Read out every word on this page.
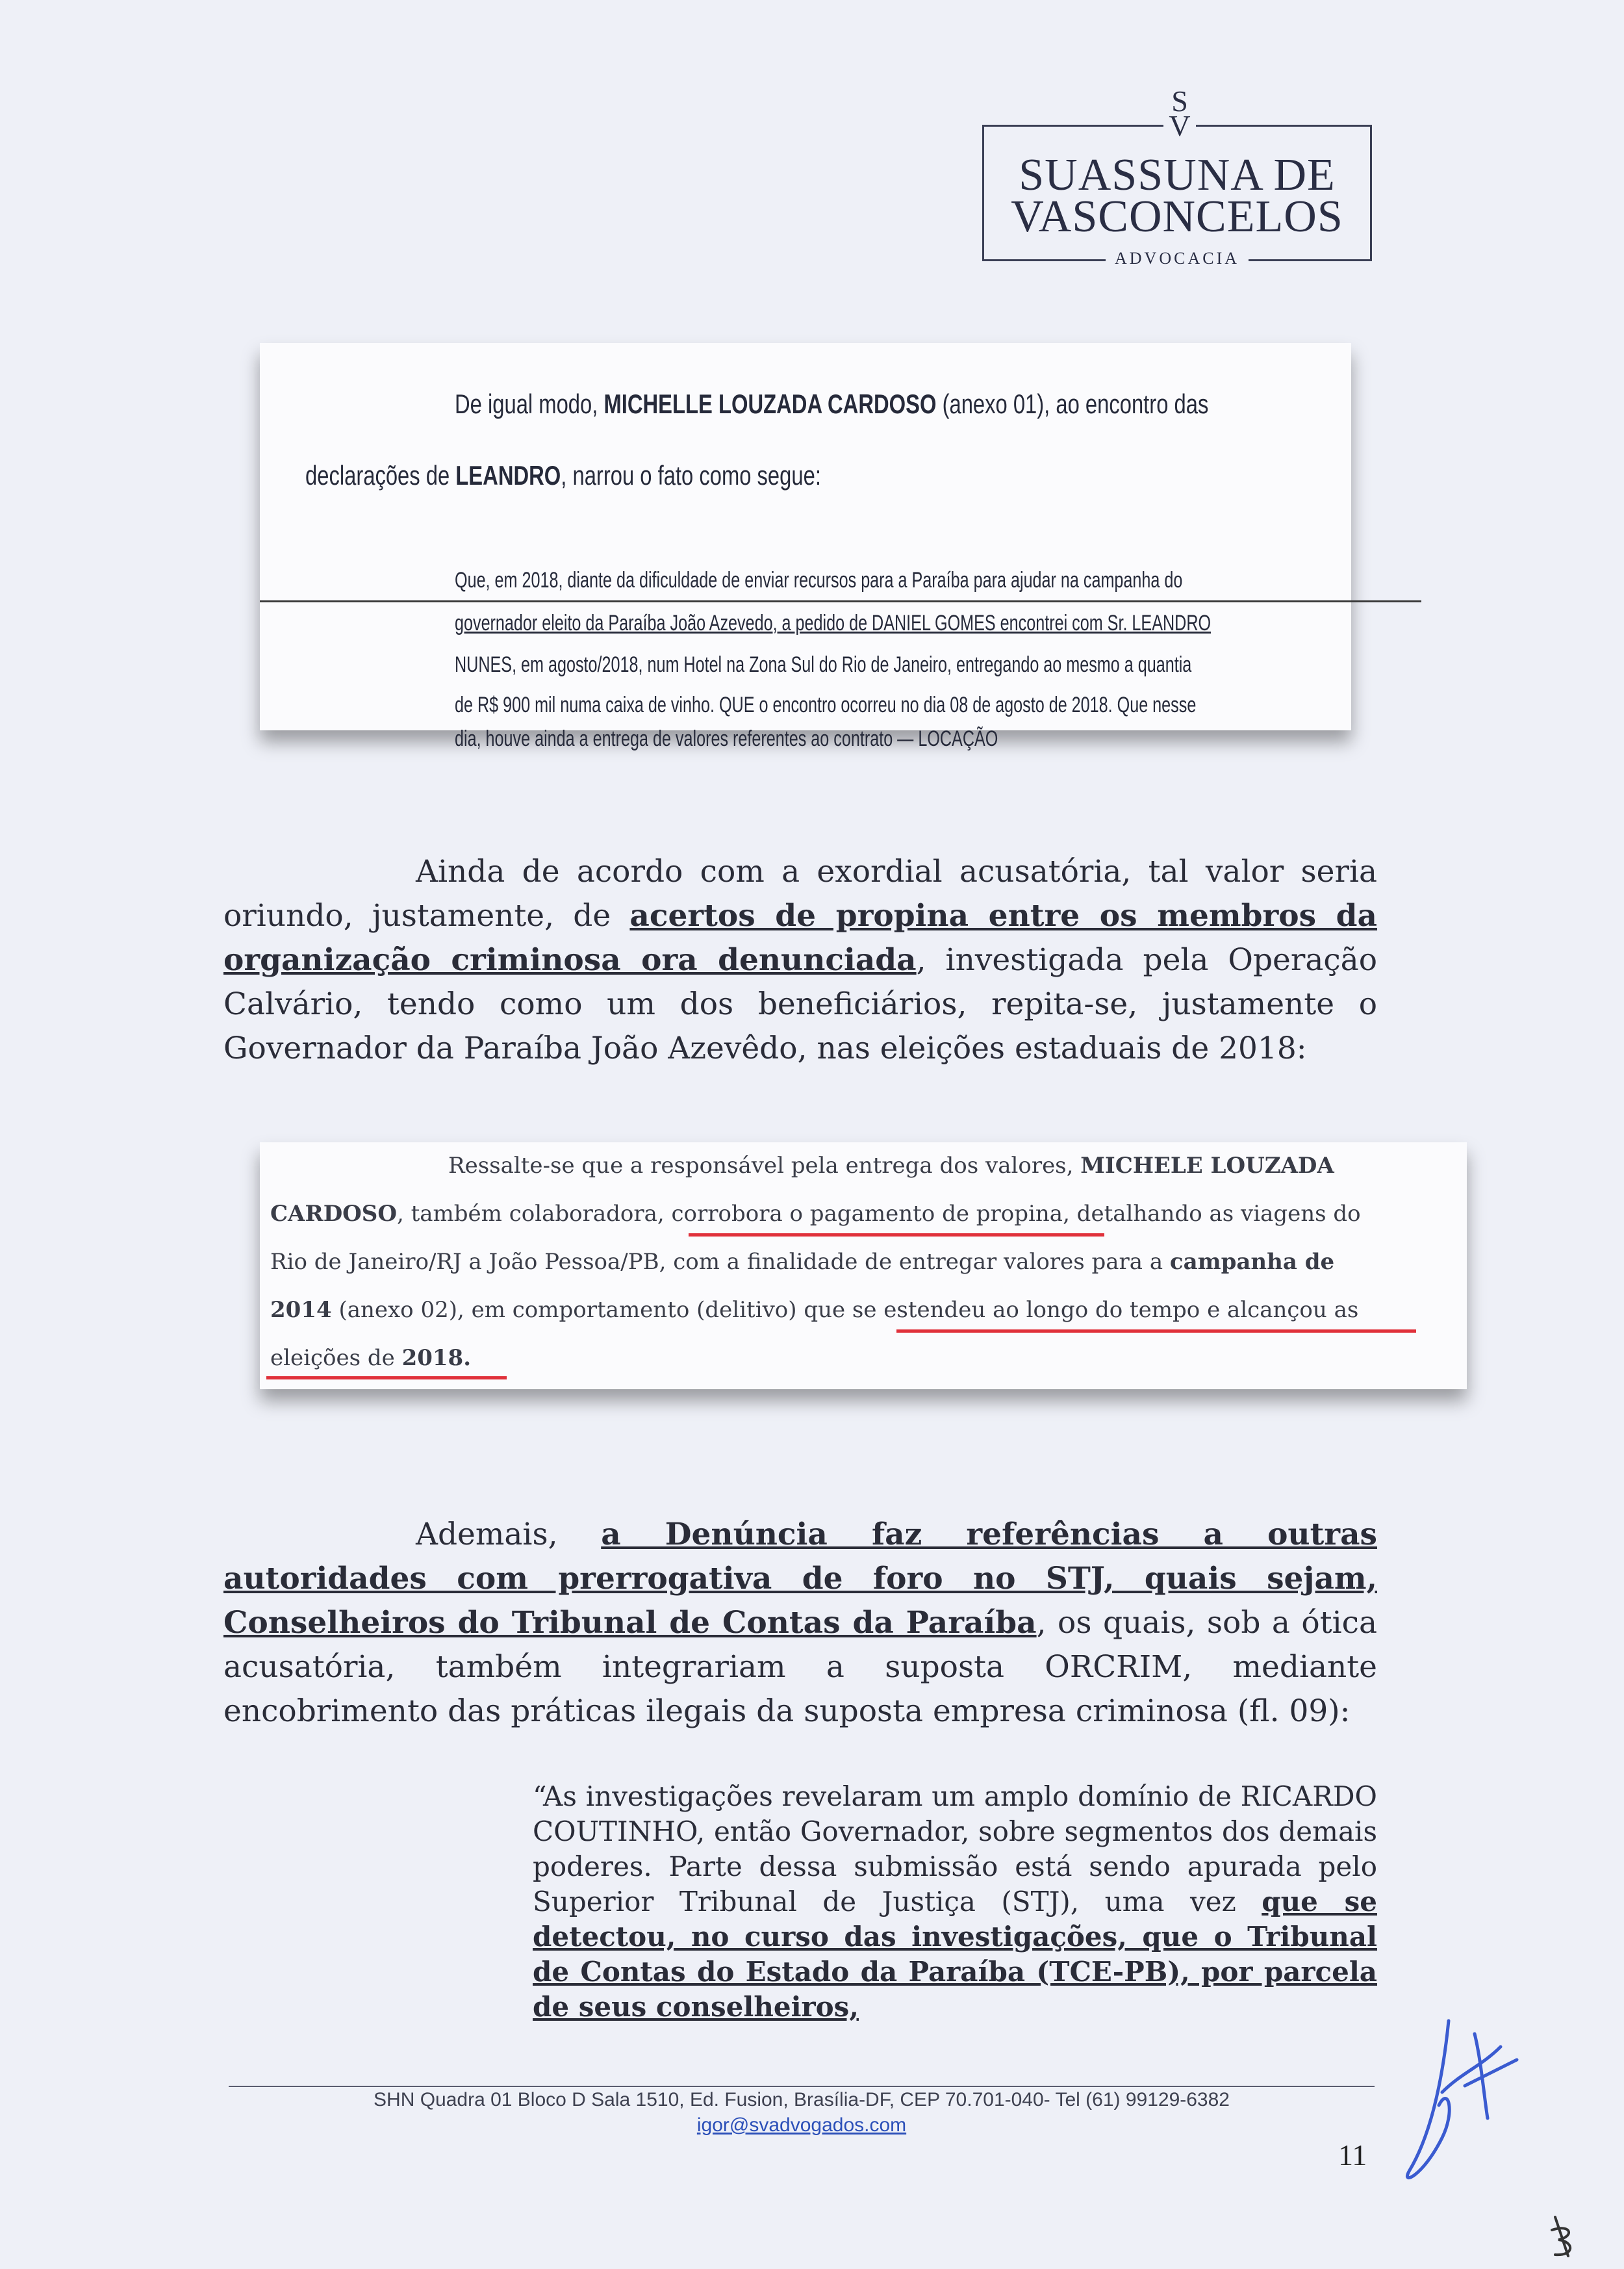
S V
SUASSUNA DE
VASCONCELOS
ADVOCACIA
De igual modo, MICHELLE LOUZADA CARDOSO (anexo 01), ao encontro das
declarações de LEANDRO, narrou o fato como segue:
Que, em 2018, diante da dificuldade de enviar recursos para a Paraíba para ajudar na campanha do
governador eleito da Paraíba João Azevedo, a pedido de DANIEL GOMES encontrei com Sr. LEANDRO
NUNES, em agosto/2018, num Hotel na Zona Sul do Rio de Janeiro, entregando ao mesmo a quantia
de R$ 900 mil numa caixa de vinho. QUE o encontro ocorreu no dia 08 de agosto de 2018. Que nesse
dia, houve ainda a entrega de valores referentes ao contrato — LOCAÇÃO
Ainda de acordo com a exordial acusatória, tal valor seria oriundo, justamente, de acertos de propina entre os membros da organização criminosa ora denunciada, investigada pela Operação Calvário, tendo como um dos beneficiários, repita-se, justamente o Governador da Paraíba João Azevêdo, nas eleições estaduais de 2018:
Ressalte-se que a responsável pela entrega dos valores, MICHELE LOUZADA
CARDOSO, também colaboradora, corrobora o pagamento de propina, detalhando as viagens do
Rio de Janeiro/RJ a João Pessoa/PB, com a finalidade de entregar valores para a campanha de
2014 (anexo 02), em comportamento (delitivo) que se estendeu ao longo do tempo e alcançou as
eleições de 2018.
Ademais, a Denúncia faz referências a outras autoridades com prerrogativa de foro no STJ, quais sejam, Conselheiros do Tribunal de Contas da Paraíba, os quais, sob a ótica acusatória, também integrariam a suposta ORCRIM, mediante encobrimento das práticas ilegais da suposta empresa criminosa (fl. 09):
“As investigações revelaram um amplo domínio de RICARDO COUTINHO, então Governador, sobre segmentos dos demais poderes. Parte dessa submissão está sendo apurada pelo Superior Tribunal de Justiça (STJ), uma vez que se detectou, no curso das investigações, que o Tribunal de Contas do Estado da Paraíba (TCE-PB), por parcela de seus conselheiros,
SHN Quadra 01 Bloco D Sala 1510, Ed. Fusion, Brasília-DF, CEP 70.701-040- Tel (61) 99129-6382
igor@svadvogados.com
11
